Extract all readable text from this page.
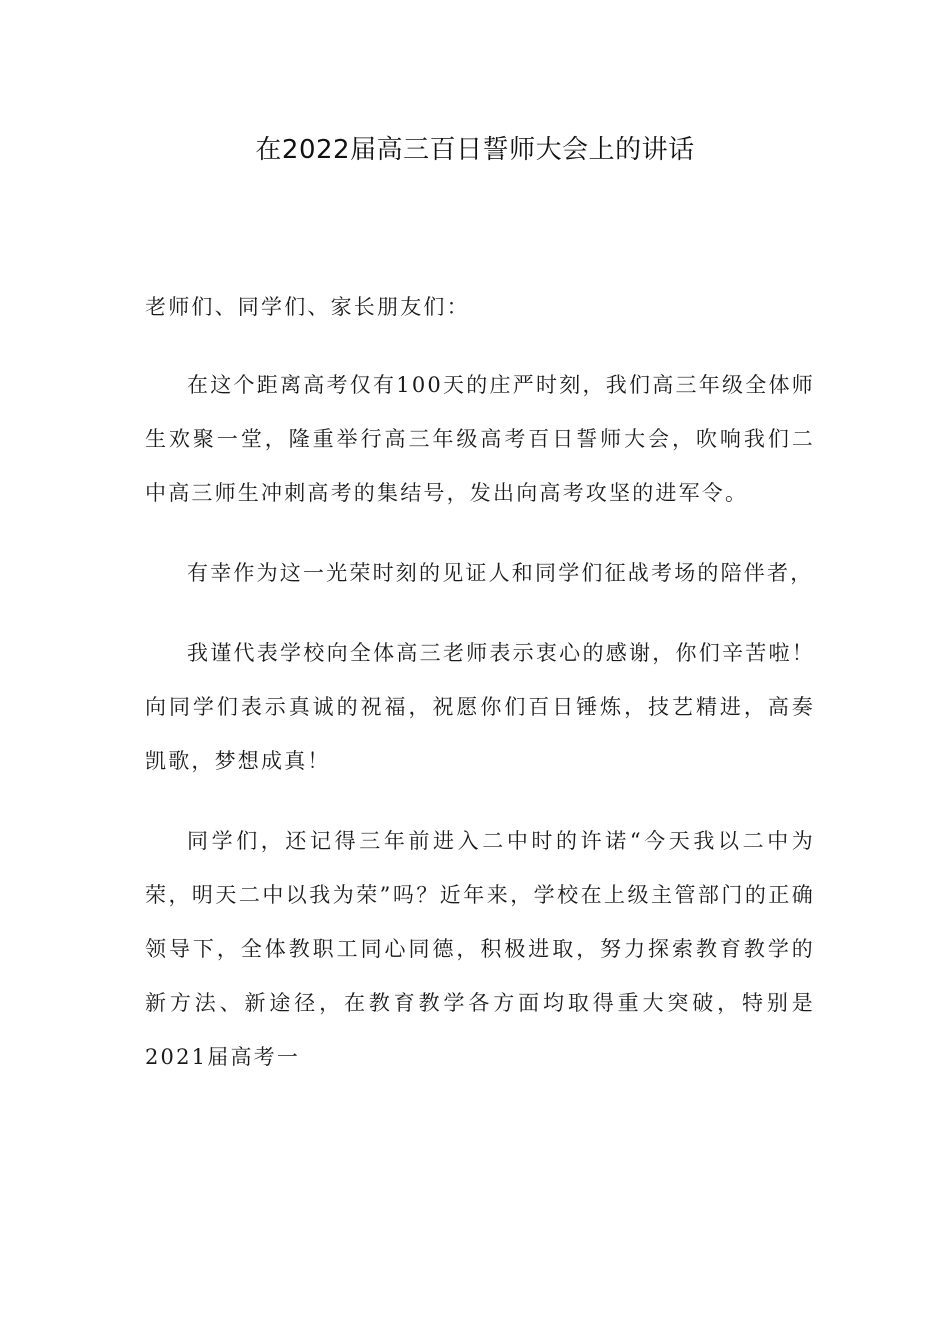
在2022届高三百日誓师大会上的讲话

老师们、同学们、家长朋友们：

在这个距离高考仅有100天的庄严时刻，我们高三年级全体师生欢聚一堂，隆重举行高三年级高考百日誓师大会，吹响我们二中高三师生冲刺高考的集结号，发出向高考攻坚的进军令。

有幸作为这一光荣时刻的见证人和同学们征战考场的陪伴者，

我谨代表学校向全体高三老师表示衷心的感谢，你们辛苦啦！向同学们表示真诚的祝福，祝愿你们百日锤炼，技艺精进，高奏凯歌，梦想成真！

同学们，还记得三年前进入二中时的许诺“今天我以二中为荣，明天二中以我为荣”吗？近年来，学校在上级主管部门的正确领导下，全体教职工同心同德，积极进取，努力探索教育教学的新方法、新途径，在教育教学各方面均取得重大突破，特别是2021届高考一
